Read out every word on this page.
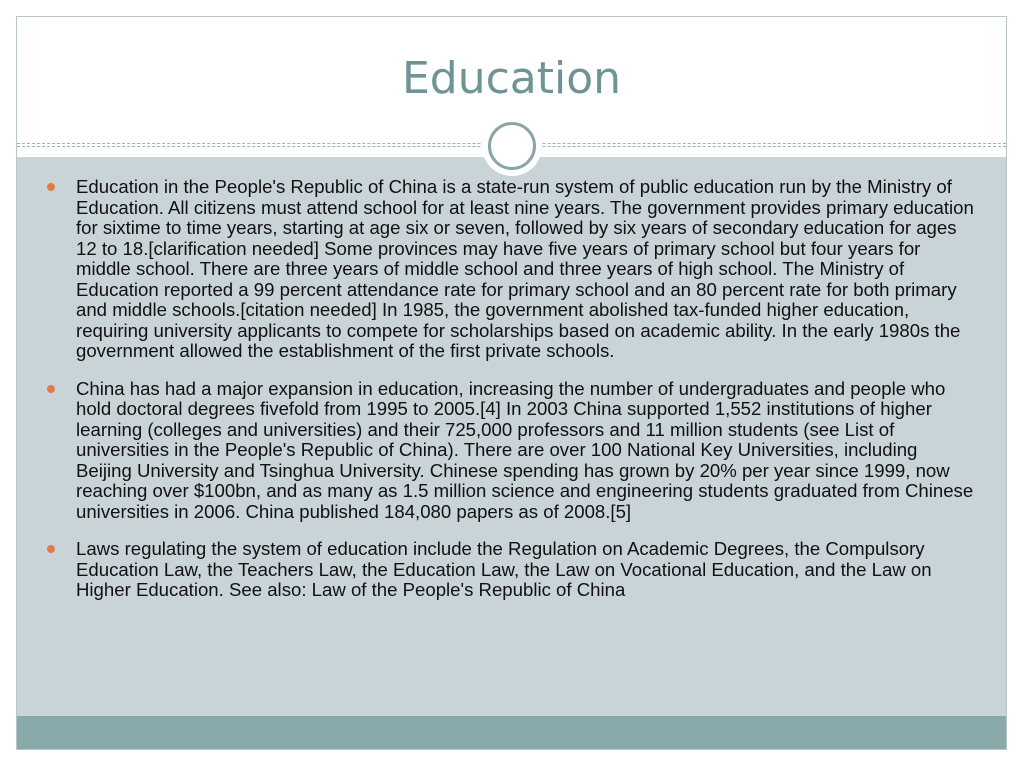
Education
Education in the People's Republic of China is a state-run system of public education run by the Ministry of Education. All citizens must attend school for at least nine years. The government provides primary education for sixtime to time years, starting at age six or seven, followed by six years of secondary education for ages 12 to 18.[clarification needed] Some provinces may have five years of primary school but four years for middle school. There are three years of middle school and three years of high school. The Ministry of Education reported a 99 percent attendance rate for primary school and an 80 percent rate for both primary and middle schools.[citation needed] In 1985, the government abolished tax-funded higher education, requiring university applicants to compete for scholarships based on academic ability. In the early 1980s the government allowed the establishment of the first private schools.
China has had a major expansion in education, increasing the number of undergraduates and people who hold doctoral degrees fivefold from 1995 to 2005.[4] In 2003 China supported 1,552 institutions of higher learning (colleges and universities) and their 725,000 professors and 11 million students (see List of universities in the People's Republic of China). There are over 100 National Key Universities, including Beijing University and Tsinghua University. Chinese spending has grown by 20% per year since 1999, now reaching over $100bn, and as many as 1.5 million science and engineering students graduated from Chinese universities in 2006. China published 184,080 papers as of 2008.[5]
Laws regulating the system of education include the Regulation on Academic Degrees, the Compulsory Education Law, the Teachers Law, the Education Law, the Law on Vocational Education, and the Law on Higher Education. See also: Law of the People's Republic of China
